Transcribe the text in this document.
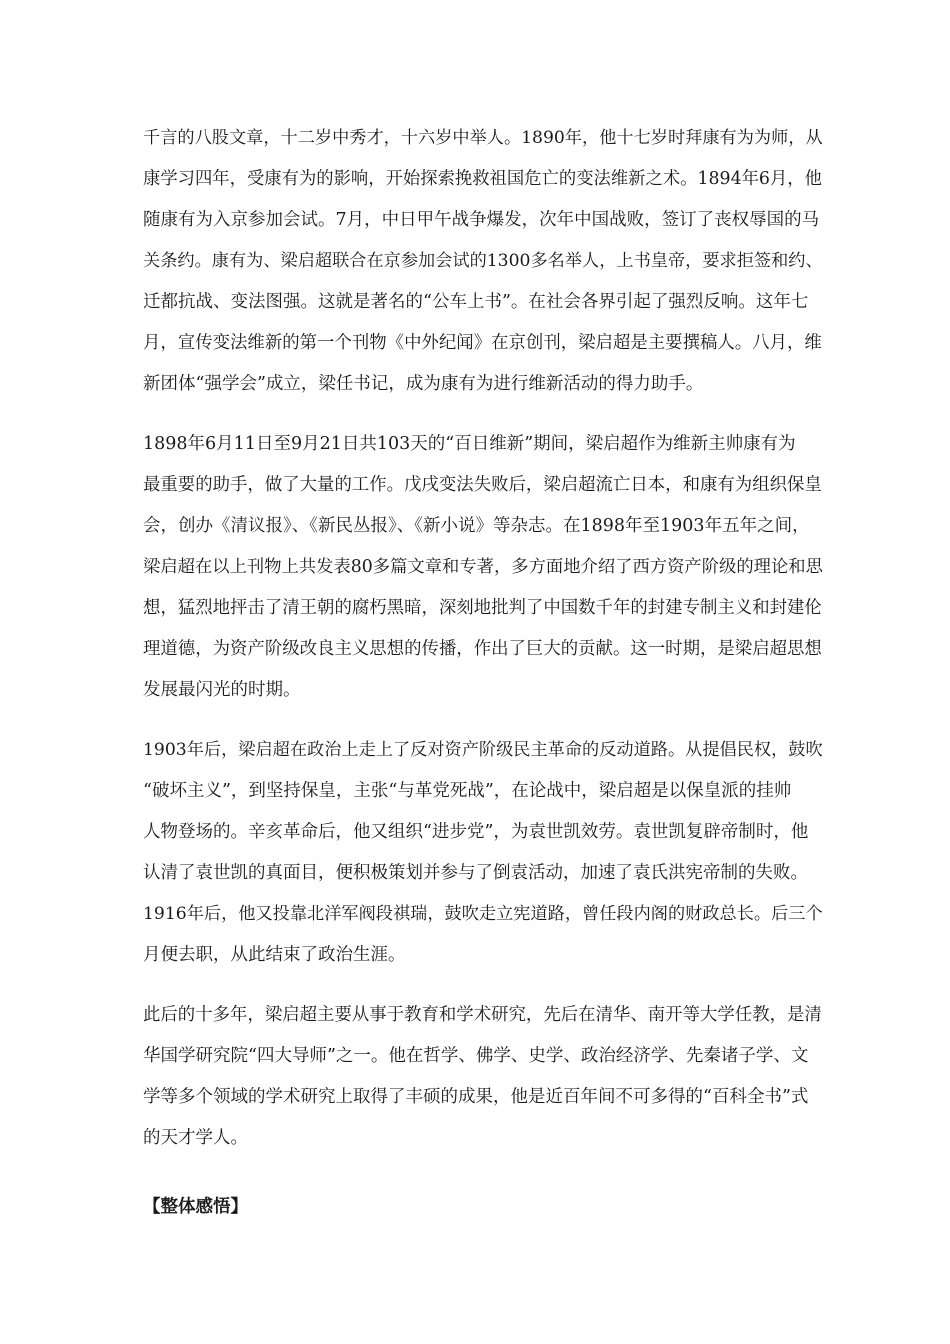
千言的八股文章，十二岁中秀才，十六岁中举人。1890年，他十七岁时拜康有为为师，从
康学习四年，受康有为的影响，开始探索挽救祖国危亡的变法维新之术。1894年6月，他
随康有为入京参加会试。7月，中日甲午战争爆发，次年中国战败，签订了丧权辱国的马
关条约。康有为、梁启超联合在京参加会试的1300多名举人，上书皇帝，要求拒签和约、
迁都抗战、变法图强。这就是著名的“公车上书”。在社会各界引起了强烈反响。这年七
月，宣传变法维新的第一个刊物《中外纪闻》在京创刊，梁启超是主要撰稿人。八月，维
新团体“强学会”成立，梁任书记，成为康有为进行维新活动的得力助手。
1898年6月11日至9月21日共103天的“百日维新”期间，梁启超作为维新主帅康有为
最重要的助手，做了大量的工作。戊戌变法失败后，梁启超流亡日本，和康有为组织保皇
会，创办《清议报》、《新民丛报》、《新小说》等杂志。在1898年至1903年五年之间，
梁启超在以上刊物上共发表80多篇文章和专著，多方面地介绍了西方资产阶级的理论和思
想，猛烈地抨击了清王朝的腐朽黑暗，深刻地批判了中国数千年的封建专制主义和封建伦
理道德，为资产阶级改良主义思想的传播，作出了巨大的贡献。这一时期，是梁启超思想
发展最闪光的时期。
1903年后，梁启超在政治上走上了反对资产阶级民主革命的反动道路。从提倡民权，鼓吹
“破坏主义”，到坚持保皇，主张“与革党死战”，在论战中，梁启超是以保皇派的挂帅
人物登场的。辛亥革命后，他又组织“进步党”，为袁世凯效劳。袁世凯复辟帝制时，他
认清了袁世凯的真面目，便积极策划并参与了倒袁活动，加速了袁氏洪宪帝制的失败。
1916年后，他又投靠北洋军阀段祺瑞，鼓吹走立宪道路，曾任段内阁的财政总长。后三个
月便去职，从此结束了政治生涯。
此后的十多年，梁启超主要从事于教育和学术研究，先后在清华、南开等大学任教，是清
华国学研究院“四大导师”之一。他在哲学、佛学、史学、政治经济学、先秦诸子学、文
学等多个领域的学术研究上取得了丰硕的成果，他是近百年间不可多得的“百科全书”式
的天才学人。
【整体感悟】
